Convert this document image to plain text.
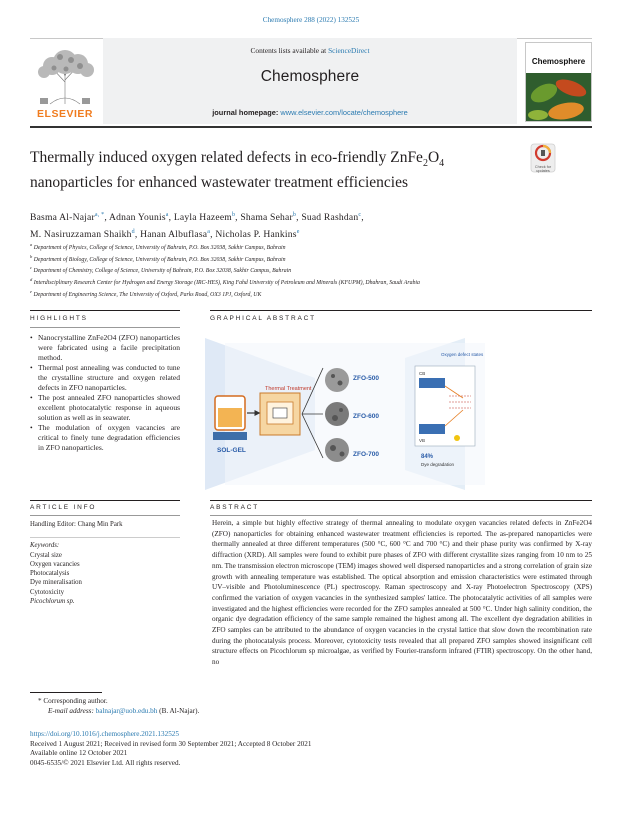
Chemosphere 288 (2022) 132525
Contents lists available at ScienceDirect
Chemosphere
journal homepage: www.elsevier.com/locate/chemosphere
ELSEVIER
Chemosphere
Check for updates
Thermally induced oxygen related defects in eco-friendly $ZnFe_2O_4$
nanoparticles for enhanced wastewater treatment efficiencies
Basma Al-Najar$^{a, *}$, Adnan Younis$^a$, Layla Hazeem$^b$, Shama Sehar$^b$, Suad Rashdan$^c$,
M. Nasiruzzaman Shaikh$^d$, Hanan Albuflasa$^a$, Nicholas P. Hankins$^e$
$^a$ Department of Physics, College of Science, University of Bahrain, P.O. Box 32038, Sakhir Campus, Bahrain
$^b$ Department of Biology, College of Science, University of Bahrain, P.O. Box 32038, Sakhir Campus, Bahrain
$^c$ Department of Chemistry, College of Science, University of Bahrain, P.O. Box 32038, Sakhir Campus, Bahrain
$^d$ Interdisciplinary Research Center for Hydrogen and Energy Storage (IRC-HES), King Fahd University of Petroleum and Minerals (KFUPM), Dhahran, Saudi Arabia
$^e$ Department of Engineering Science, The University of Oxford, Parks Road, OX3 1PJ, Oxford, UK
HIGHLIGHTS
• Nanocrystalline ZnFe2O4 (ZFO) nanoparticles were fabricated using a facile precipitation method.
• Thermal post annealing was conducted to tune the crystalline structure and oxygen related defects in ZFO nanoparticles.
• The post annealed ZFO nanoparticles showed excellent photocatalytic response in aqueous solution as well as in seawater.
• The modulation of oxygen vacancies are critical to finely tune degradation efficiencies in ZFO nanoparticles.
GRAPHICAL ABSTRACT
SOL-GEL
Thermal Treatment
ZFO-500
ZFO-600
ZFO-700
CB
VB
Oxygen defect states
84%
Dye degradation
ARTICLE INFO
Handling Editor: Chang Min Park
Keywords:
Crystal size
Oxygen vacancies
Photocatalysis
Dye mineralisation
Cytotoxicity
Picochlorum sp.
ABSTRACT
Herein, a simple but highly effective strategy of thermal annealing to modulate oxygen vacancies related defects in ZnFe2O4 (ZFO) nanoparticles for obtaining enhanced wastewater treatment efficiencies is reported. The as-prepared nanoparticles were thermally annealed at three different temperatures (500 °C, 600 °C and 700 °C) and their phase purity was confirmed by X-ray diffraction (XRD). All samples were found to exhibit pure phases of ZFO with different crystallite sizes ranging from 10 nm to 25 nm. The transmission electron microscope (TEM) images showed well dispersed nanoparticles and a strong correlation of grain size growth with annealing temperature was established. The optical absorption and emission characteristics were estimated through UV–visible and Photoluminescence (PL) spectroscopy. Raman spectroscopy and X-ray Photoelectron Spectroscopy (XPS) confirmed the variation of oxygen vacancies in the synthesized samples' lattice. The photocatalytic activities of all samples were investigated and the highest efficiencies were recorded for the ZFO samples annealed at 500 °C. Under high salinity condition, the organic dye degradation efficiency of the same sample remained the highest among all. The excellent dye degradation abilities in ZFO samples can be attributed to the abundance of oxygen vacancies in the crystal lattice that slow down the recombination rate during the photocatalysis process. Moreover, cytotoxicity tests revealed that all prepared ZFO samples showed insignificant cell structure effects on Picochlorum sp microalgae, as verified by Fourier-transform infrared (FTIR) spectroscopy. On the other hand, no
* Corresponding author.
E-mail address: balnajar@uob.edu.bh (B. Al-Najar).
https://doi.org/10.1016/j.chemosphere.2021.132525
Received 1 August 2021; Received in revised form 30 September 2021; Accepted 8 October 2021
Available online 12 October 2021
0045-6535/© 2021 Elsevier Ltd. All rights reserved.
